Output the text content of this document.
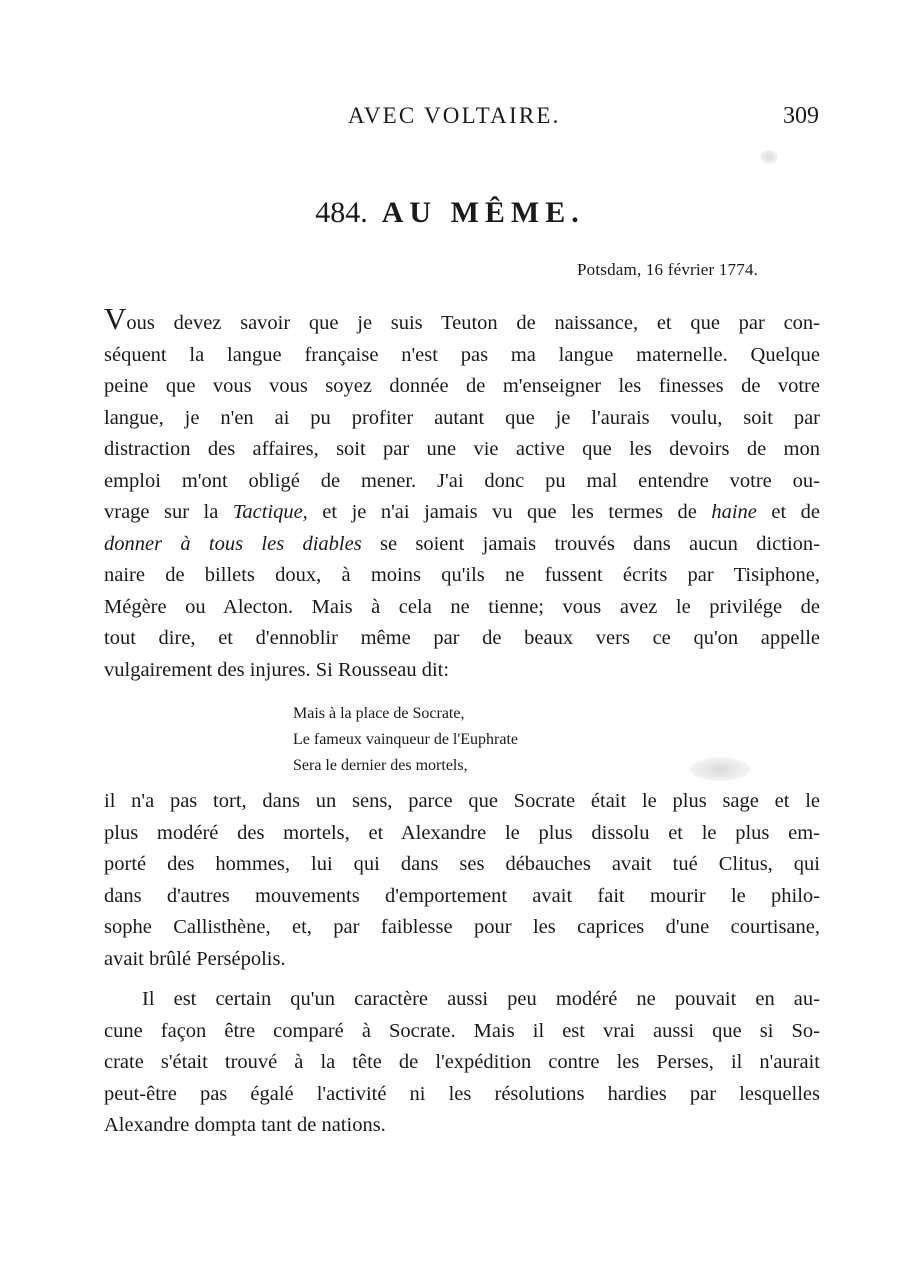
AVEC VOLTAIRE.	309
484. AU MÊME.
Potsdam, 16 février 1774.
Vous devez savoir que je suis Teuton de naissance, et que par con-
séquent la langue française n'est pas ma langue maternelle. Quelque
peine que vous vous soyez donnée de m'enseigner les finesses de votre
langue, je n'en ai pu profiter autant que je l'aurais voulu, soit par
distraction des affaires, soit par une vie active que les devoirs de mon
emploi m'ont obligé de mener. J'ai donc pu mal entendre votre ou-
vrage sur la Tactique, et je n'ai jamais vu que les termes de haine et de
donner à tous les diables se soient jamais trouvés dans aucun diction-
naire de billets doux, à moins qu'ils ne fussent écrits par Tisiphone,
Mégère ou Alecton. Mais à cela ne tienne; vous avez le privilége de
tout dire, et d'ennoblir même par de beaux vers ce qu'on appelle
vulgairement des injures. Si Rousseau dit:
Mais à la place de Socrate,
Le fameux vainqueur de l'Euphrate
Sera le dernier des mortels,
il n'a pas tort, dans un sens, parce que Socrate était le plus sage et le
plus modéré des mortels, et Alexandre le plus dissolu et le plus em-
porté des hommes, lui qui dans ses débauches avait tué Clitus, qui
dans d'autres mouvements d'emportement avait fait mourir le philo-
sophe Callisthène, et, par faiblesse pour les caprices d'une courtisane,
avait brûlé Persépolis.
Il est certain qu'un caractère aussi peu modéré ne pouvait en au-
cune façon être comparé à Socrate. Mais il est vrai aussi que si So-
crate s'était trouvé à la tête de l'expédition contre les Perses, il n'aurait
peut-être pas égalé l'activité ni les résolutions hardies par lesquelles
Alexandre dompta tant de nations.
